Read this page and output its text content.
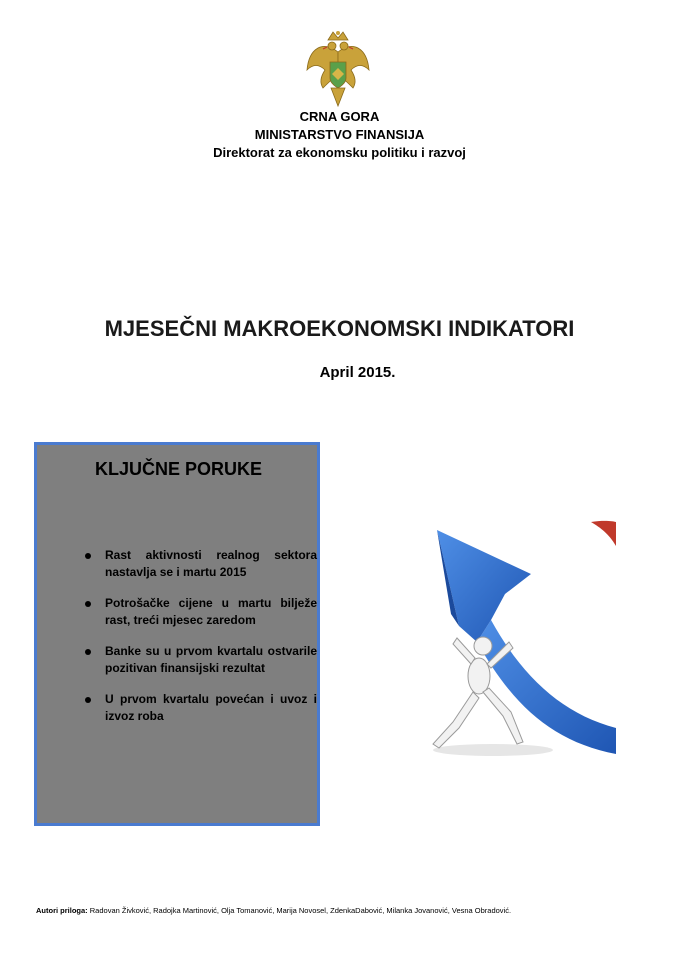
CRNA GORA
MINISTARSTVO FINANSIJA
Direktorat za ekonomsku politiku i razvoj
MJESEČNI MAKROEKONOMSKI INDIKATORI
April 2015.
KLJUČNE PORUKE
Rast aktivnosti realnog sektora nastavlja se i martu 2015
Potrošačke cijene u martu bilježe rast, treći mjesec zaredom
Banke su u prvom kvartalu ostvarile pozitivan finansijski rezultat
U prvom kvartalu povećan i uvoz i izvoz roba
Autori priloga: Radovan Živković, Radojka Martinović, Olja Tomanović, Marija Novosel, ZdenkaDabović, Milanka Jovanović, Vesna Obradović.
